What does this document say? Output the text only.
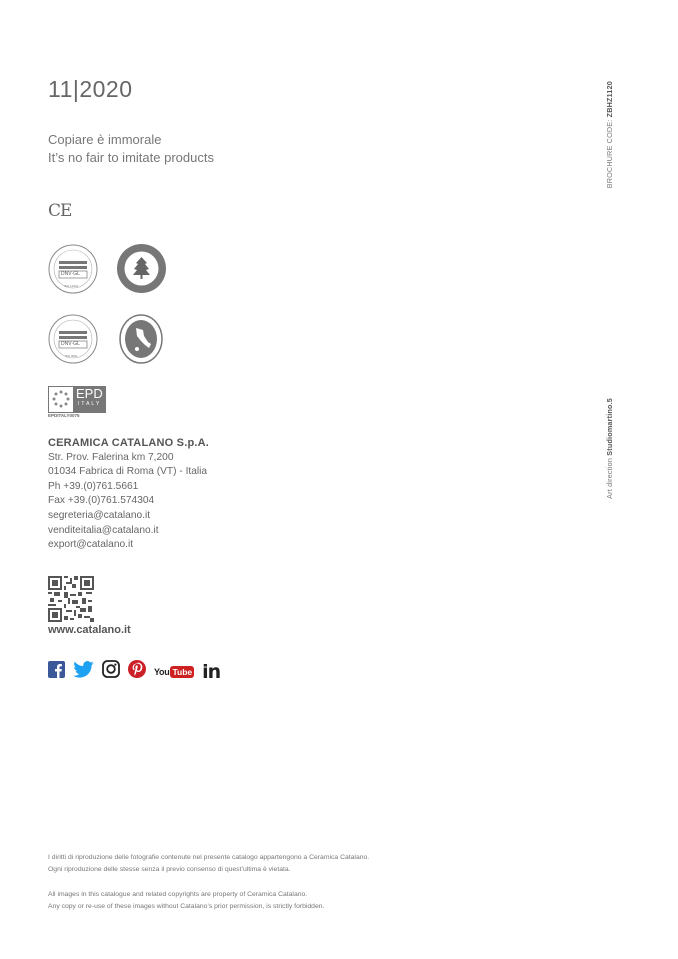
11|2020
Copiare è immorale
It’s no fair to imitate products
CE
DNV·GL
ISO 14001
DNV·GL
ISO 9001
EPD
ITALY
EPDITALY0075
CERAMICA CATALANO S.p.A.
Str. Prov. Falerina km 7,200
01034 Fabrica di Roma (VT) - Italia
Ph +39.(0)761.5661
Fax +39.(0)761.574304
segreteria@catalano.it
venditeitalia@catalano.it
export@catalano.it
www.catalano.it
You Tube in
BROCHURE CODE: ZBHZ1120
Art direction Studiomartino.5
I diritti di riproduzione delle fotografie contenute nel presente catalogo appartengono a Ceramica Catalano.
Ogni riproduzione delle stesse senza il previo consenso di quest’ultima è vietata.
All images in this catalogue and related copyrights are property of Ceramica Catalano.
Any copy or re-use of these images without Catalano’s prior permission, is strictly forbidden.
